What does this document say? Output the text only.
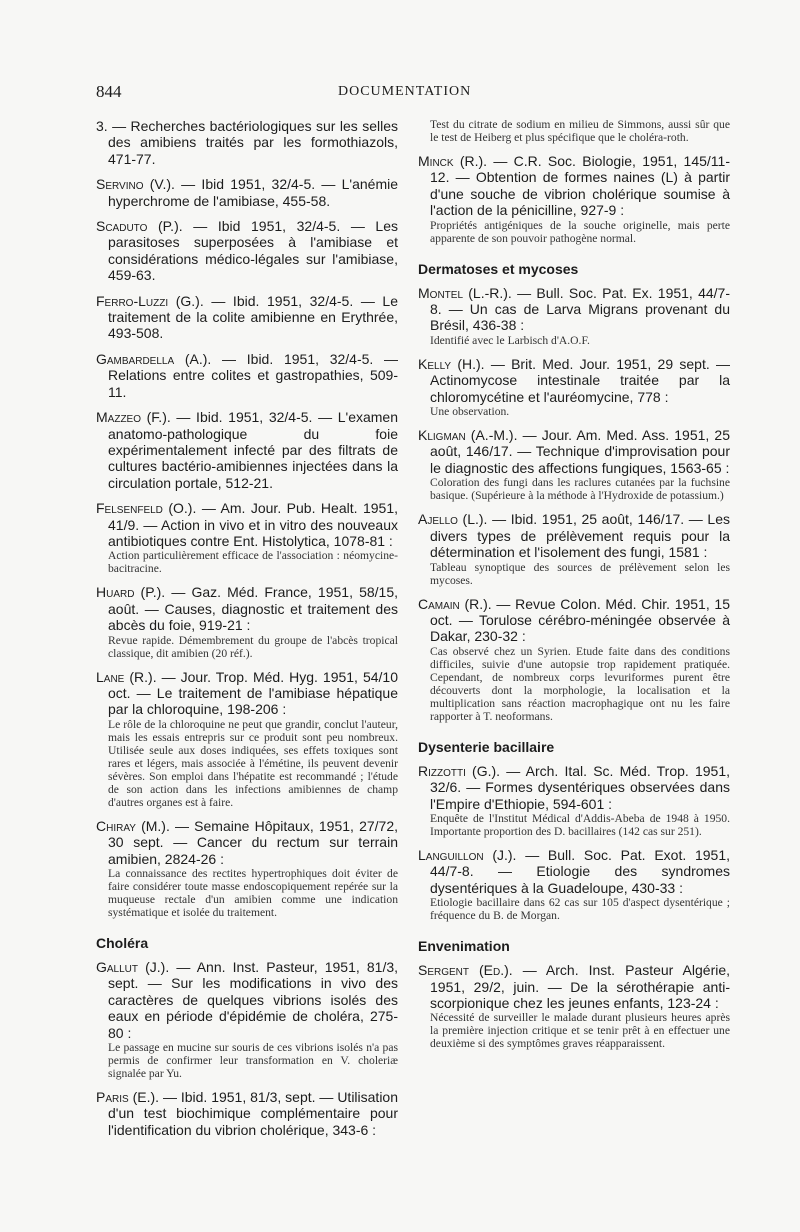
844	DOCUMENTATION
3. — Recherches bactériologiques sur les selles des amibiens traités par les formothiazols, 471-77.
Servino (V.). — Ibid 1951, 32/4-5. — L'anémie hyperchrome de l'amibiase, 455-58.
Scaduto (P.). — Ibid 1951, 32/4-5. — Les parasitoses superposées à l'amibiase et considérations médico-légales sur l'amibiase, 459-63.
Ferro-Luzzi (G.). — Ibid. 1951, 32/4-5. — Le traitement de la colite amibienne en Erythrée, 493-508.
Gambardella (A.). — Ibid. 1951, 32/4-5. — Relations entre colites et gastropathies, 509-11.
Mazzeo (F.). — Ibid. 1951, 32/4-5. — L'examen anatomo-pathologique du foie expérimentalement infecté par des filtrats de cultures bactério-amibiennes injectées dans la circulation portale, 512-21.
Felsenfeld (O.). — Am. Jour. Pub. Healt. 1951, 41/9. — Action in vivo et in vitro des nouveaux antibiotiques contre Ent. Histolytica, 1078-81 :
Action particulièrement efficace de l'association : néomycine-bacitracine.
Huard (P.). — Gaz. Méd. France, 1951, 58/15, août. — Causes, diagnostic et traitement des abcès du foie, 919-21 :
Revue rapide. Démembrement du groupe de l'abcès tropical classique, dit amibien (20 réf.).
Lane (R.). — Jour. Trop. Méd. Hyg. 1951, 54/10 oct. — Le traitement de l'amibiase hépatique par la chloroquine, 198-206 :
Le rôle de la chloroquine ne peut que grandir, conclut l'auteur, mais les essais entrepris sur ce produit sont peu nombreux. Utilisée seule aux doses indiquées, ses effets toxiques sont rares et légers, mais associée à l'émétine, ils peuvent devenir sévères. Son emploi dans l'hépatite est recommandé ; l'étude de son action dans les infections amibiennes de champ d'autres organes est à faire.
Chiray (M.). — Semaine Hôpitaux, 1951, 27/72, 30 sept. — Cancer du rectum sur terrain amibien, 2824-26 :
La connaissance des rectites hypertrophiques doit éviter de faire considérer toute masse endoscopiquement repérée sur la muqueuse rectale d'un amibien comme une indication systématique et isolée du traitement.
Choléra
Gallut (J.). — Ann. Inst. Pasteur, 1951, 81/3, sept. — Sur les modifications in vivo des caractères de quelques vibrions isolés des eaux en période d'épidémie de choléra, 275-80 :
Le passage en mucine sur souris de ces vibrions isolés n'a pas permis de confirmer leur transformation en V. choleriæ signalée par Yu.
Paris (E.). — Ibid. 1951, 81/3, sept. — Utilisation d'un test biochimique complémentaire pour l'identification du vibrion cholérique, 343-6 :
Test du citrate de sodium en milieu de Simmons, aussi sûr que le test de Heiberg et plus spécifique que le choléra-roth.
Minck (R.). — C.R. Soc. Biologie, 1951, 145/11-12. — Obtention de formes naines (L) à partir d'une souche de vibrion cholérique soumise à l'action de la pénicilline, 927-9 :
Propriétés antigéniques de la souche originelle, mais perte apparente de son pouvoir pathogène normal.
Dermatoses et mycoses
Montel (L.-R.). — Bull. Soc. Pat. Ex. 1951, 44/7-8. — Un cas de Larva Migrans provenant du Brésil, 436-38 :
Identifié avec le Larbisch d'A.O.F.
Kelly (H.). — Brit. Med. Jour. 1951, 29 sept. — Actinomycose intestinale traitée par la chloromycétine et l'auréomycine, 778 :
Une observation.
Kligman (A.-M.). — Jour. Am. Med. Ass. 1951, 25 août, 146/17. — Technique d'improvisation pour le diagnostic des affections fungiques, 1563-65 :
Coloration des fungi dans les raclures cutanées par la fuchsine basique. (Supérieure à la méthode à l'Hydroxide de potassium.)
Ajello (L.). — Ibid. 1951, 25 août, 146/17. — Les divers types de prélèvement requis pour la détermination et l'isolement des fungi, 1581 :
Tableau synoptique des sources de prélèvement selon les mycoses.
Camain (R.). — Revue Colon. Méd. Chir. 1951, 15 oct. — Torulose cérébro-méningée observée à Dakar, 230-32 :
Cas observé chez un Syrien. Etude faite dans des conditions difficiles, suivie d'une autopsie trop rapidement pratiquée. Cependant, de nombreux corps levuriformes purent être découverts dont la morphologie, la localisation et la multiplication sans réaction macrophagique ont nu les faire rapporter à T. neoformans.
Dysenterie bacillaire
Rizzotti (G.). — Arch. Ital. Sc. Méd. Trop. 1951, 32/6. — Formes dysentériques observées dans l'Empire d'Ethiopie, 594-601 :
Enquête de l'Institut Médical d'Addis-Abeba de 1948 à 1950. Importante proportion des D. bacillaires (142 cas sur 251).
Languillon (J.). — Bull. Soc. Pat. Exot. 1951, 44/7-8. — Etiologie des syndromes dysentériques à la Guadeloupe, 430-33 :
Etiologie bacillaire dans 62 cas sur 105 d'aspect dysentérique ; fréquence du B. de Morgan.
Envenimation
Sergent (Ed.). — Arch. Inst. Pasteur Algérie, 1951, 29/2, juin. — De la sérothérapie anti-scorpionique chez les jeunes enfants, 123-24 :
Nécessité de surveiller le malade durant plusieurs heures après la première injection critique et se tenir prêt à en effectuer une deuxième si des symptômes graves réapparaissent.
